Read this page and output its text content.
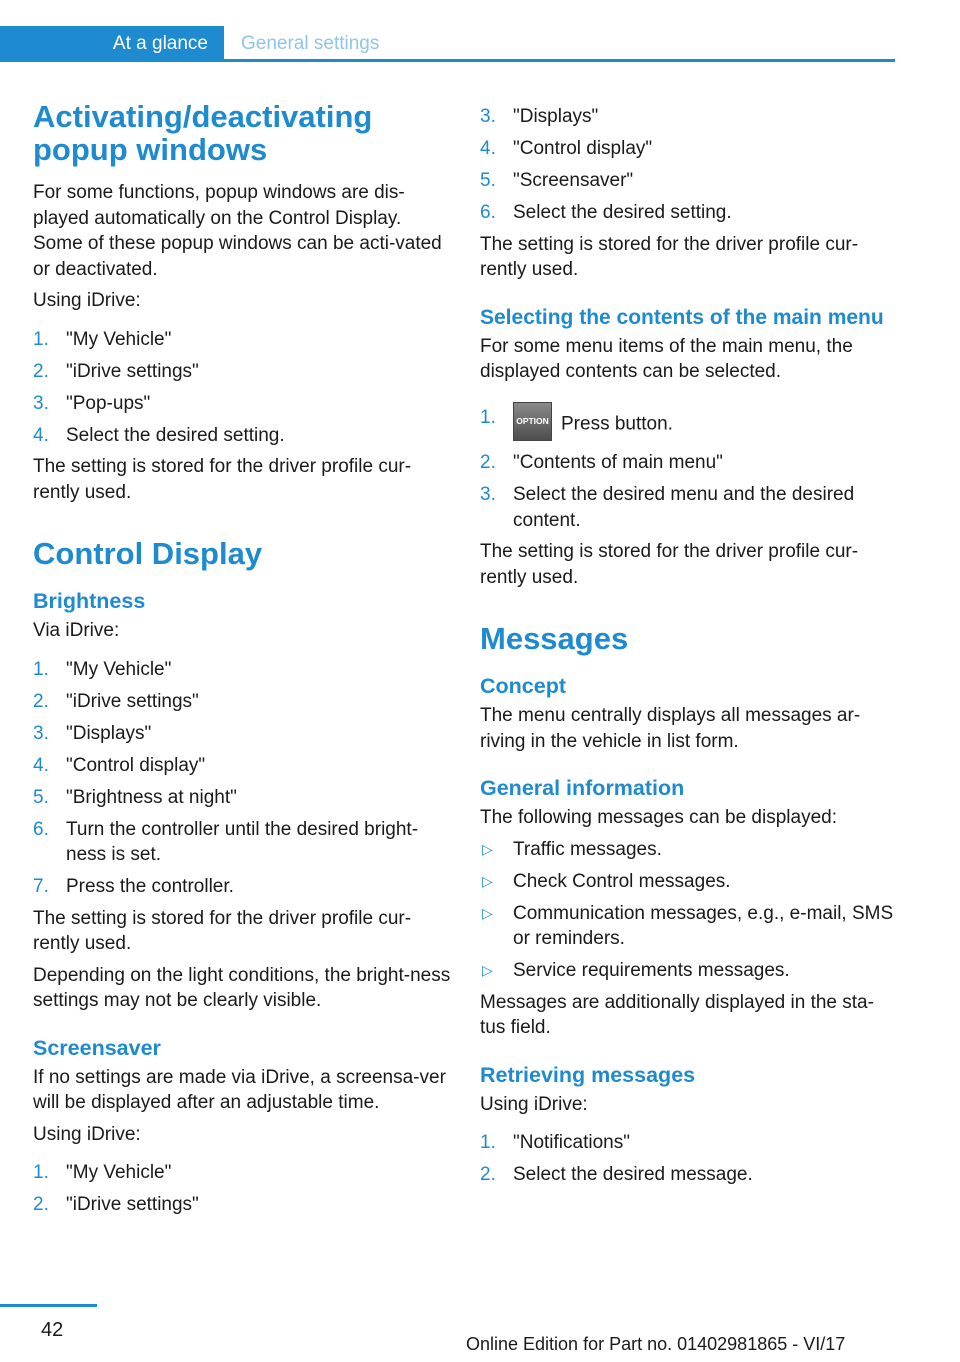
At a glance	General settings
Activating/deactivating popup windows

For some functions, popup windows are dis-played automatically on the Control Display. Some of these popup windows can be acti-vated or deactivated.

Using iDrive:

1. "My Vehicle"
2. "iDrive settings"
3. "Pop-ups"
4. Select the desired setting.

The setting is stored for the driver profile cur-rently used.

Control Display
Brightness

Via iDrive:

1. "My Vehicle"
2. "iDrive settings"
3. "Displays"
4. "Control display"
5. "Brightness at night"
6. Turn the controller until the desired bright-ness is set.
7. Press the controller.

The setting is stored for the driver profile cur-rently used.

Depending on the light conditions, the bright-ness settings may not be clearly visible.

Screensaver

If no settings are made via iDrive, a screensa-ver will be displayed after an adjustable time.

Using iDrive:

1. "My Vehicle"
2. "iDrive settings"
3. "Displays"
4. "Control display"
5. "Screensaver"
6. Select the desired setting.

The setting is stored for the driver profile cur-rently used.

Selecting the contents of the main menu

For some menu items of the main menu, the displayed contents can be selected.

1. OPTION Press button.
2. "Contents of main menu"
3. Select the desired menu and the desired content.

The setting is stored for the driver profile cur-rently used.

Messages
Concept

The menu centrally displays all messages ar-riving in the vehicle in list form.

General information

The following messages can be displayed:

▷ Traffic messages.
▷ Check Control messages.
▷ Communication messages, e.g., e-mail, SMS or reminders.
▷ Service requirements messages.

Messages are additionally displayed in the sta-tus field.

Retrieving messages

Using iDrive:

1. "Notifications"
2. Select the desired message.
42
Online Edition for Part no. 01402981865 - VI/17
